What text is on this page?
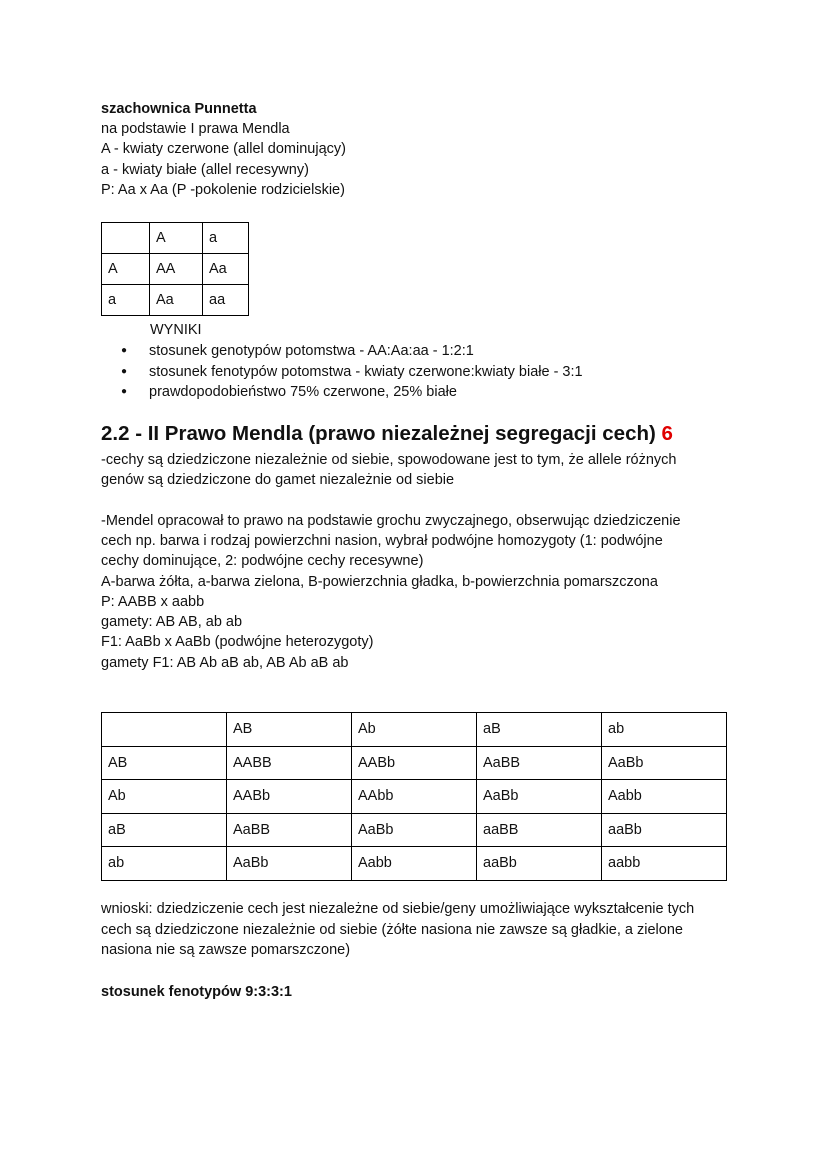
szachownica Punnetta
na podstawie I prawa Mendla
A - kwiaty czerwone (allel dominujący)
a - kwiaty białe (allel recesywny)
P: Aa x Aa (P -pokolenie rodzicielskie)
	A	a
A	AA	Aa
a	Aa	aa
WYNIKI
● stosunek genotypów potomstwa - AA:Aa:aa - 1:2:1
● stosunek fenotypów potomstwa - kwiaty czerwone:kwiaty białe - 3:1
● prawdopodobieństwo 75% czerwone, 25% białe
2.2 - II Prawo Mendla (prawo niezależnej segregacji cech) 6
-cechy są dziedziczone niezależnie od siebie, spowodowane jest to tym, że allele różnych
genów są dziedziczone do gamet niezależnie od siebie
-Mendel opracował to prawo na podstawie grochu zwyczajnego, obserwując dziedziczenie
cech np. barwa i rodzaj powierzchni nasion, wybrał podwójne homozygoty (1: podwójne
cechy dominujące, 2: podwójne cechy recesywne)
A-barwa żółta, a-barwa zielona, B-powierzchnia gładka, b-powierzchnia pomarszczona
P: AABB x aabb
gamety: AB AB, ab ab
F1: AaBb x AaBb (podwójne heterozygoty)
gamety F1: AB Ab aB ab, AB Ab aB ab
	AB	Ab	aB	ab
AB	AABB	AABb	AaBB	AaBb
Ab	AABb	AAbb	AaBb	Aabb
aB	AaBB	AaBb	aaBB	aaBb
ab	AaBb	Aabb	aaBb	aabb
wnioski: dziedziczenie cech jest niezależne od siebie/geny umożliwiające wykształcenie tych
cech są dziedziczone niezależnie od siebie (żółte nasiona nie zawsze są gładkie, a zielone
nasiona nie są zawsze pomarszczone)
stosunek fenotypów 9:3:3:1
